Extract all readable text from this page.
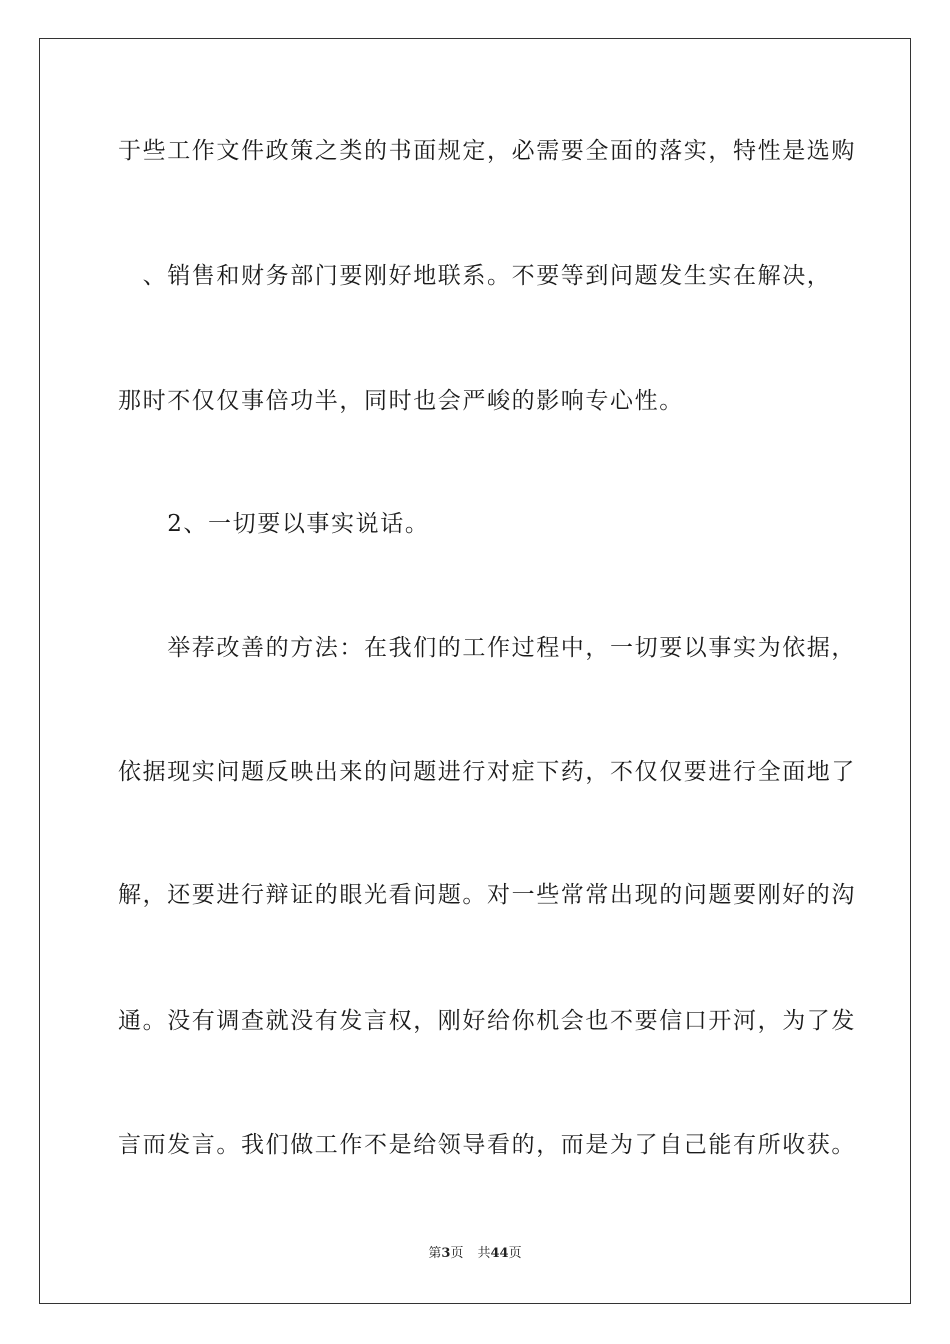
于些工作文件政策之类的书面规定，必需要全面的落实，特性是选购
　、销售和财务部门要刚好地联系。不要等到问题发生实在解决，
那时不仅仅事倍功半，同时也会严峻的影响专心性。
　　2、一切要以事实说话。
　　举荐改善的方法：在我们的工作过程中，一切要以事实为依据，
依据现实问题反映出来的问题进行对症下药，不仅仅要进行全面地了
解，还要进行辩证的眼光看问题。对一些常常出现的问题要刚好的沟
通。没有调查就没有发言权，刚好给你机会也不要信口开河，为了发
言而发言。我们做工作不是给领导看的，而是为了自己能有所收获。
第3页 共44页
